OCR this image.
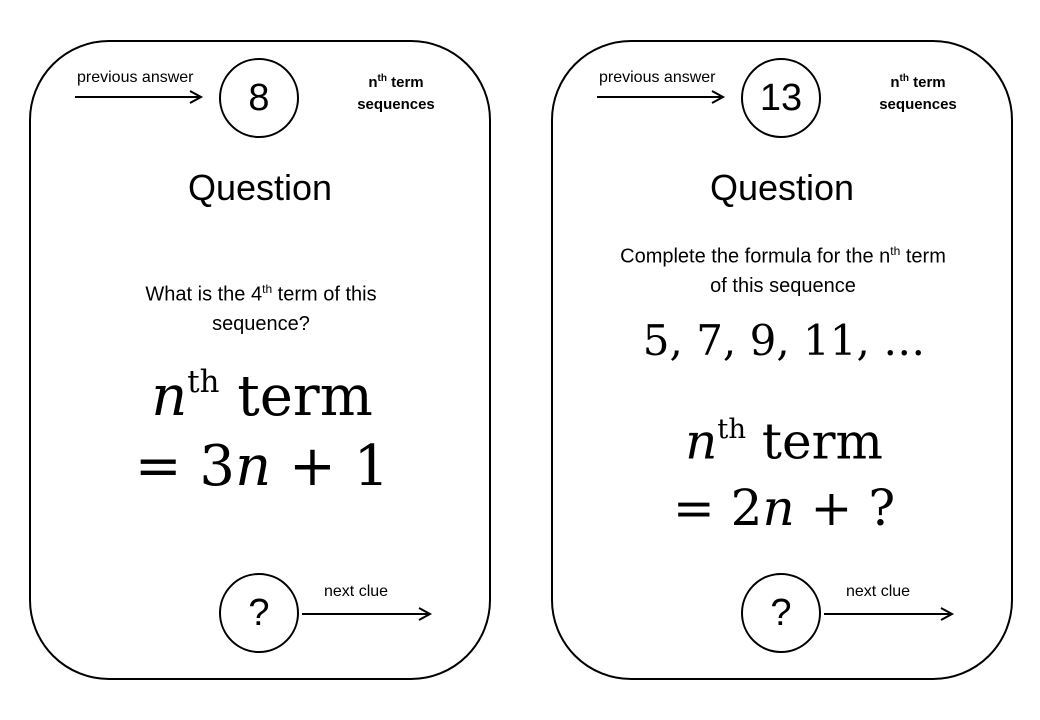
previous answer	8	$n^{th}$ term
sequences
Question
What is the 4th term of this
sequence?
$n^{th}$ term
= 3n + 1
?	next clue
previous answer	13	$n^{th}$ term
sequences
Question
Complete the formula for the $n^{th}$ term
of this sequence
5, 7, 9, 11, …
$n^{th}$ term
= 2n + ?
?	next clue
